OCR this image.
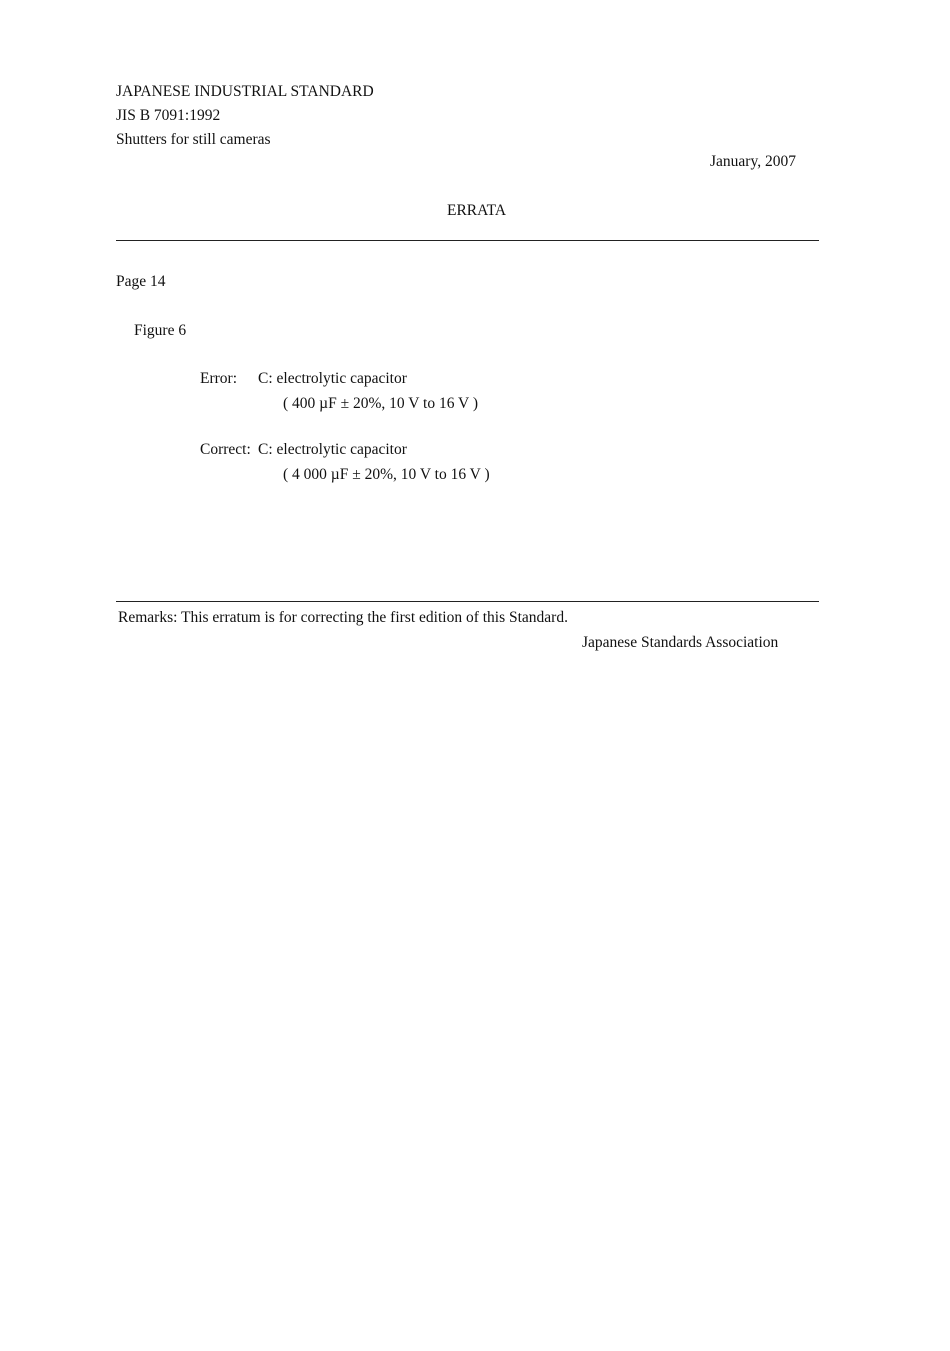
JAPANESE INDUSTRIAL STANDARD
JIS B 7091:1992
Shutters for still cameras
January, 2007
ERRATA
Page 14
Figure 6
Error: C: electrolytic capacitor
( 400 µF ± 20%, 10 V to 16 V )
Correct: C: electrolytic capacitor
( 4 000 µF ± 20%, 10 V to 16 V )
Remarks: This erratum is for correcting the first edition of this Standard.
Japanese Standards Association
